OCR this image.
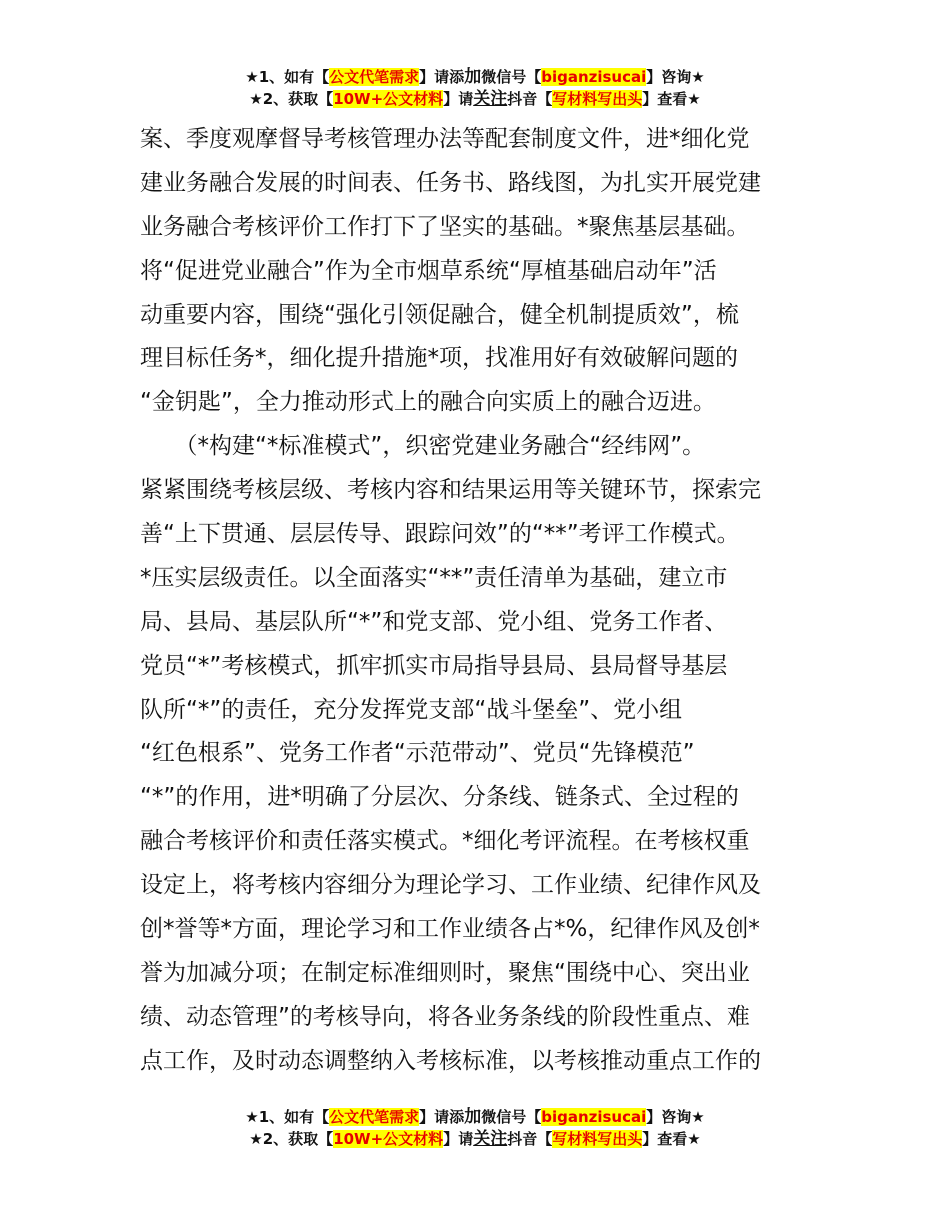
★1、如有【公文代笔需求】请添加微信号【biganzisucai】咨询★
★2、获取【10W+公文材料】请关注抖音【写材料写出头】查看★
案、季度观摩督导考核管理办法等配套制度文件，进*细化党
建业务融合发展的时间表、任务书、路线图，为扎实开展党建
业务融合考核评价工作打下了坚实的基础。*聚焦基层基础。
将“促进党业融合”作为全市烟草系统“厚植基础启动年”活
动重要内容，围绕“强化引领促融合，健全机制提质效”，梳
理目标任务*，细化提升措施*项，找准用好有效破解问题的
“金钥匙”，全力推动形式上的融合向实质上的融合迈进。
　　（*构建“*标准模式”，织密党建业务融合“经纬网”。
紧紧围绕考核层级、考核内容和结果运用等关键环节，探索完
善“上下贯通、层层传导、跟踪问效”的“**”考评工作模式。
*压实层级责任。以全面落实“**”责任清单为基础，建立市
局、县局、基层队所“*”和党支部、党小组、党务工作者、
党员“*”考核模式，抓牢抓实市局指导县局、县局督导基层
队所“*”的责任，充分发挥党支部“战斗堡垒”、党小组
“红色根系”、党务工作者“示范带动”、党员“先锋模范”
“*”的作用，进*明确了分层次、分条线、链条式、全过程的
融合考核评价和责任落实模式。*细化考评流程。在考核权重
设定上，将考核内容细分为理论学习、工作业绩、纪律作风及
创*誉等*方面，理论学习和工作业绩各占*%，纪律作风及创*
誉为加减分项；在制定标准细则时，聚焦“围绕中心、突出业
绩、动态管理”的考核导向，将各业务条线的阶段性重点、难
点工作，及时动态调整纳入考核标准，以考核推动重点工作的
★1、如有【公文代笔需求】请添加微信号【biganzisucai】咨询★
★2、获取【10W+公文材料】请关注抖音【写材料写出头】查看★
